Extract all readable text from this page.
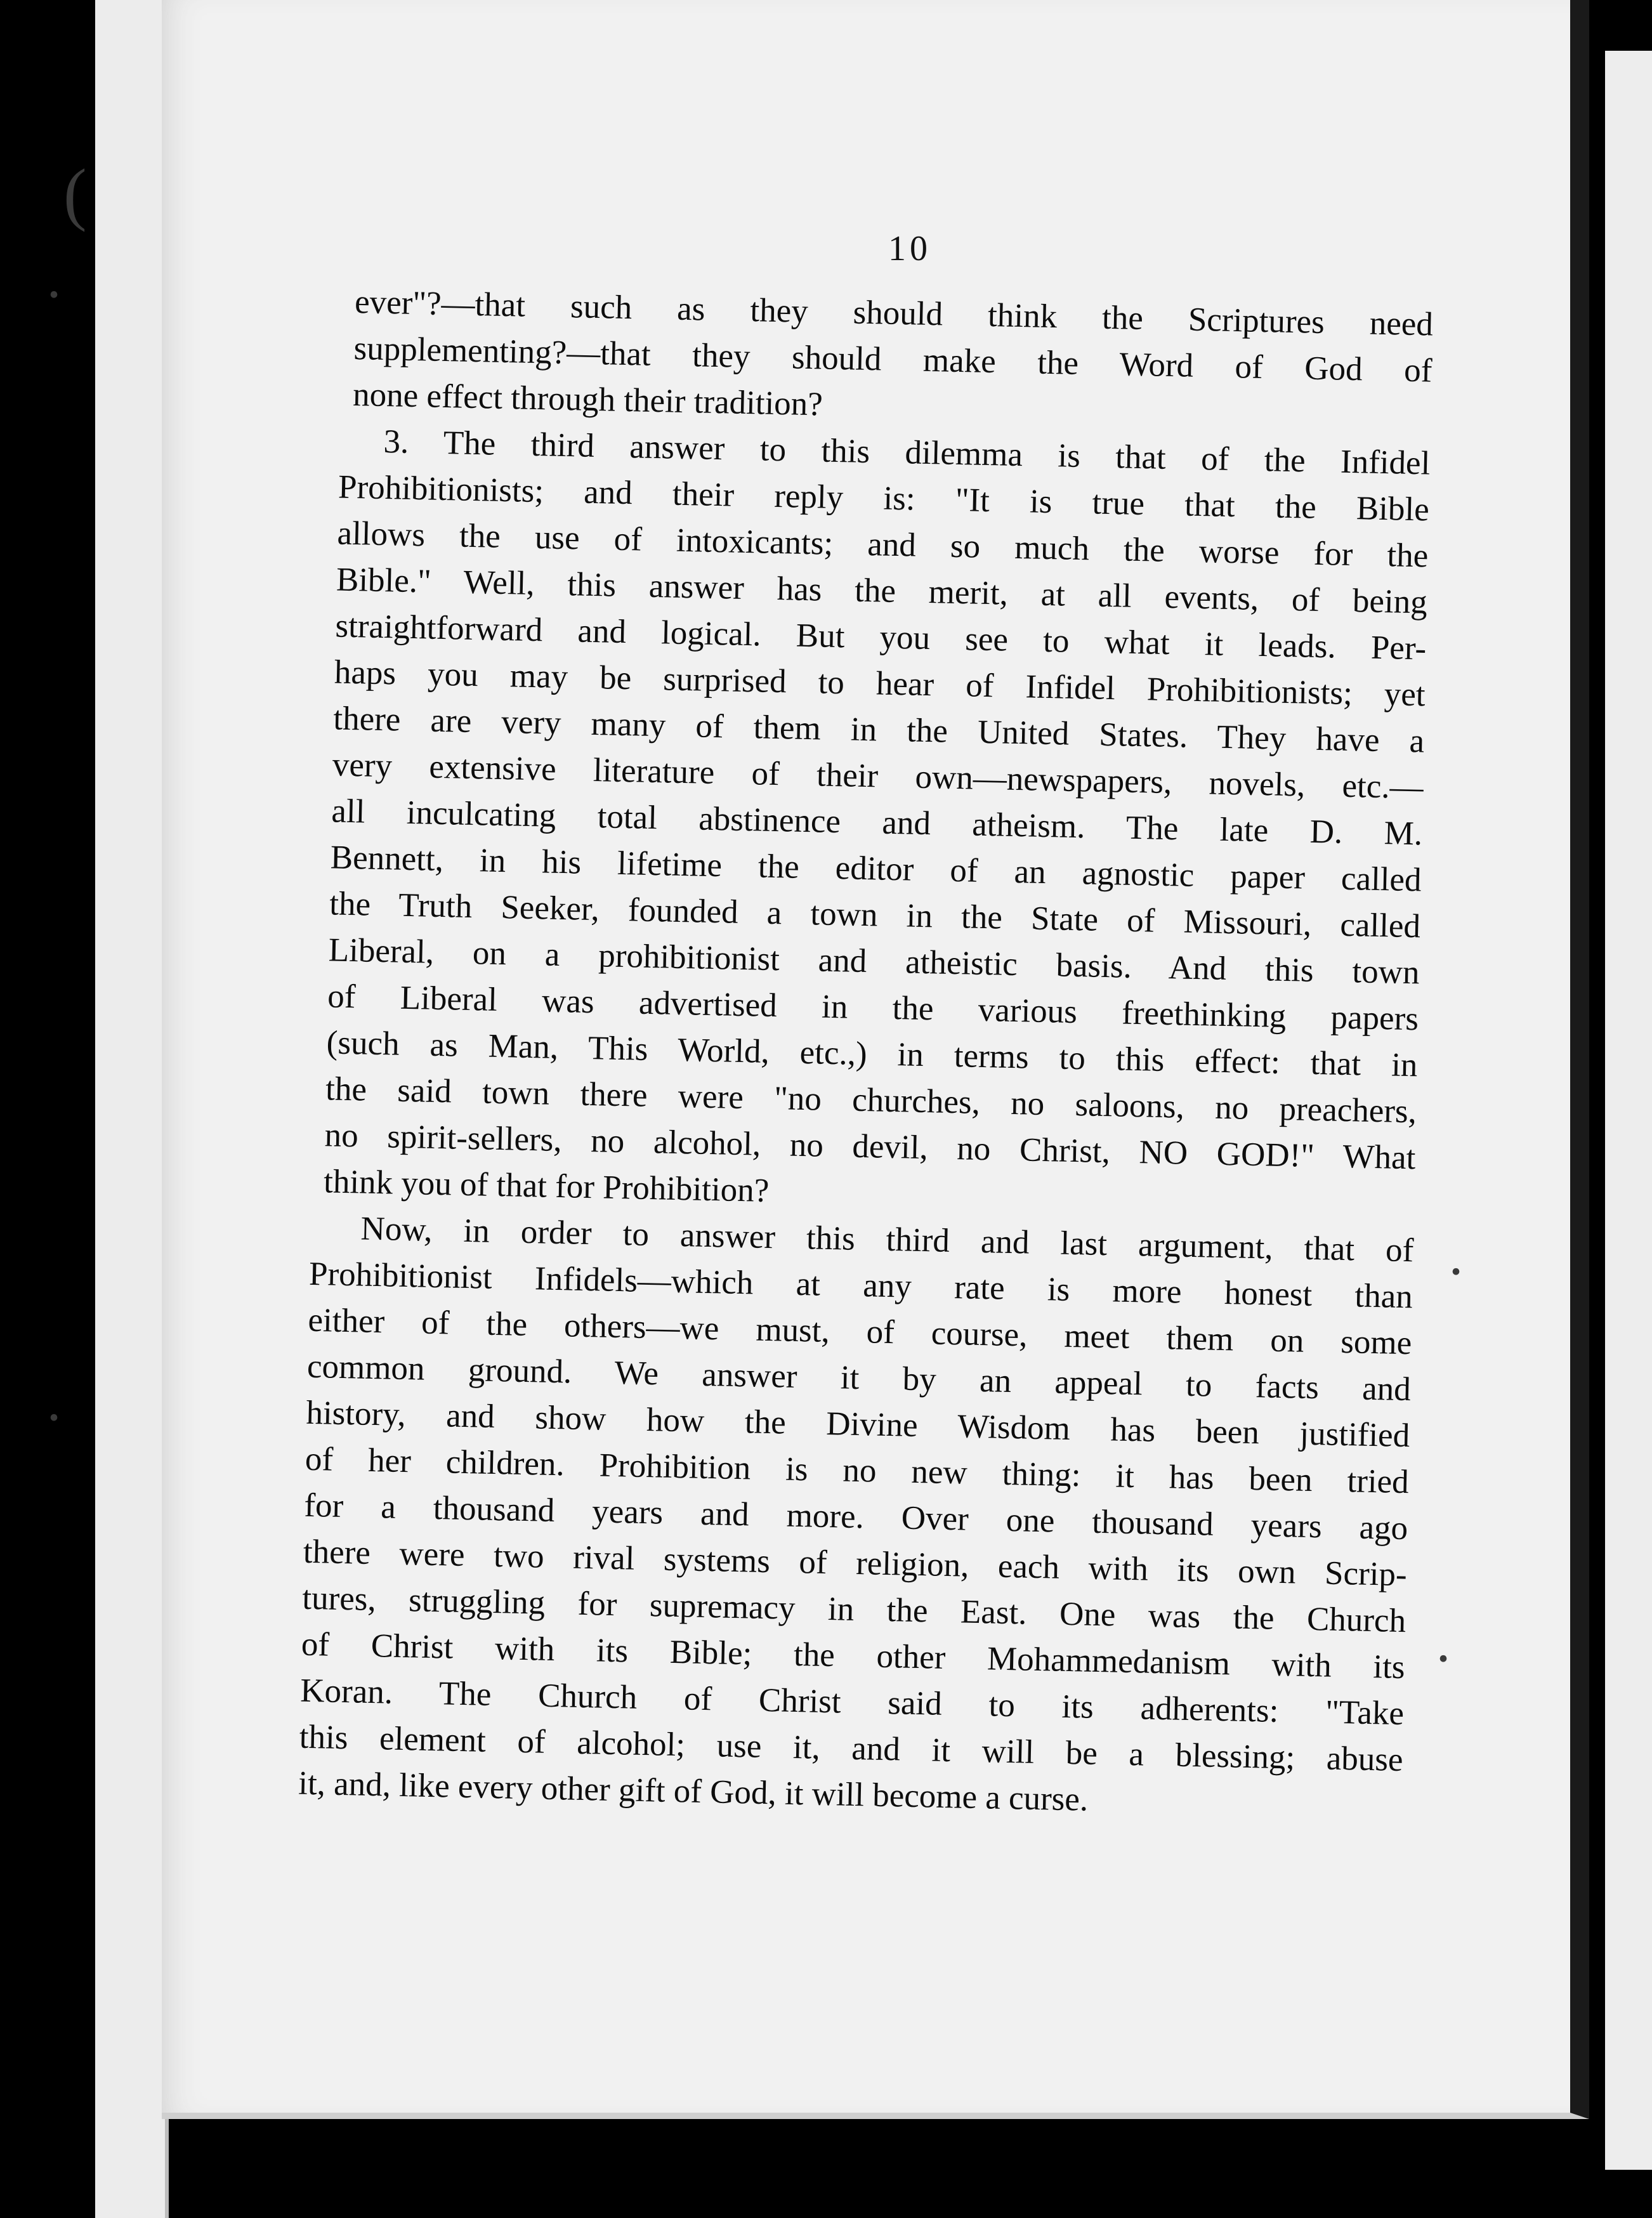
(
·
·
·
·
10
ever"?—that such as they should think the Scriptures need
supplementing?—that they should make the Word of God of
none effect through their tradition?
3. The third answer to this dilemma is that of the Infidel
Prohibitionists; and their reply is: "It is true that the Bible
allows the use of intoxicants; and so much the worse for the
Bible." Well, this answer has the merit, at all events, of being
straightforward and logical. But you see to what it leads. Per-
haps you may be surprised to hear of Infidel Prohibitionists; yet
there are very many of them in the United States. They have a
very extensive literature of their own—newspapers, novels, etc.—
all inculcating total abstinence and atheism. The late D. M.
Bennett, in his lifetime the editor of an agnostic paper called
the Truth Seeker, founded a town in the State of Missouri, called
Liberal, on a prohibitionist and atheistic basis. And this town
of Liberal was advertised in the various freethinking papers
(such as Man, This World, etc.,) in terms to this effect: that in
the said town there were "no churches, no saloons, no preachers,
no spirit-sellers, no alcohol, no devil, no Christ, NO GOD!" What
think you of that for Prohibition?
Now, in order to answer this third and last argument, that of
Prohibitionist Infidels—which at any rate is more honest than
either of the others—we must, of course, meet them on some
common ground. We answer it by an appeal to facts and
history, and show how the Divine Wisdom has been justified
of her children. Prohibition is no new thing: it has been tried
for a thousand years and more. Over one thousand years ago
there were two rival systems of religion, each with its own Scrip-
tures, struggling for supremacy in the East. One was the Church
of Christ with its Bible; the other Mohammedanism with its
Koran. The Church of Christ said to its adherents: "Take
this element of alcohol; use it, and it will be a blessing; abuse
it, and, like every other gift of God, it will become a curse.
